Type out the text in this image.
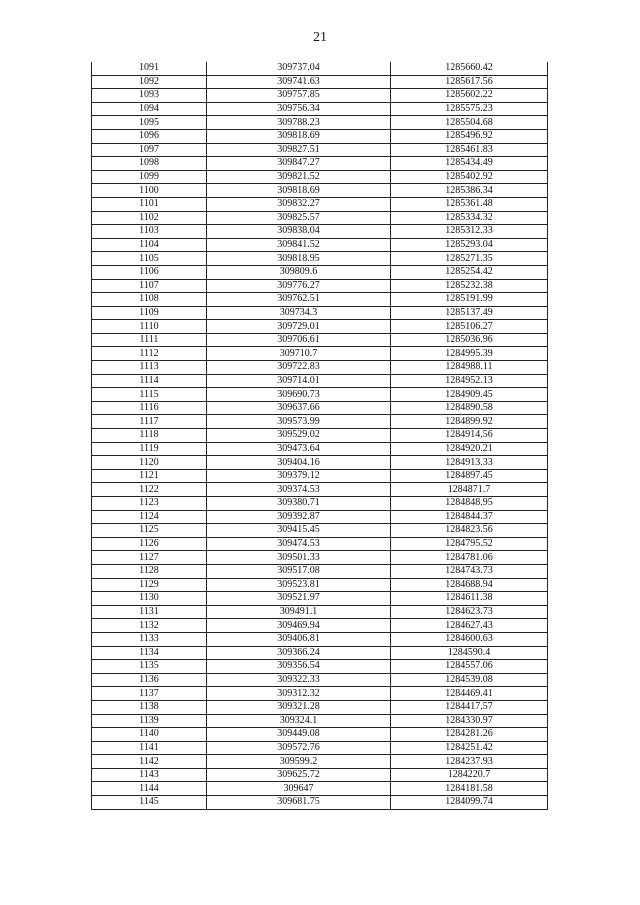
21
1091	309737.04	1285660.42
1092	309741.63	1285617.56
1093	309757.85	1285602.22
1094	309756.34	1285575.23
1095	309788.23	1285504.68
1096	309818.69	1285496.92
1097	309827.51	1285461.83
1098	309847.27	1285434.49
1099	309821.52	1285402.92
1100	309818.69	1285386.34
1101	309832.27	1285361.48
1102	309825.57	1285334.32
1103	309838.04	1285312.33
1104	309841.52	1285293.04
1105	309818.95	1285271.35
1106	309809.6	1285254.42
1107	309776.27	1285232.38
1108	309762.51	1285191.99
1109	309734.3	1285137.49
1110	309729.01	1285106.27
1111	309706.61	1285036.96
1112	309710.7	1284995.39
1113	309722.83	1284988.11
1114	309714.01	1284952.13
1115	309690.73	1284909.45
1116	309637.66	1284890.58
1117	309573.99	1284899.92
1118	309529.02	1284914.56
1119	309473.64	1284920.21
1120	309404.16	1284913.33
1121	309379.12	1284897.45
1122	309374.53	1284871.7
1123	309380.71	1284848.95
1124	309392.87	1284844.37
1125	309415.45	1284823.56
1126	309474.53	1284795.52
1127	309501.33	1284781.06
1128	309517.08	1284743.73
1129	309523.81	1284688.94
1130	309521.97	1284611.38
1131	309491.1	1284623.73
1132	309469.94	1284627.43
1133	309406.81	1284600.63
1134	309366.24	1284590.4
1135	309356.54	1284557.06
1136	309322.33	1284539.08
1137	309312.32	1284469.41
1138	309321.28	1284417.57
1139	309324.1	1284330.97
1140	309449.08	1284281.26
1141	309572.76	1284251.42
1142	309599.2	1284237.93
1143	309625.72	1284220.7
1144	309647	1284181.58
1145	309681.75	1284099.74
